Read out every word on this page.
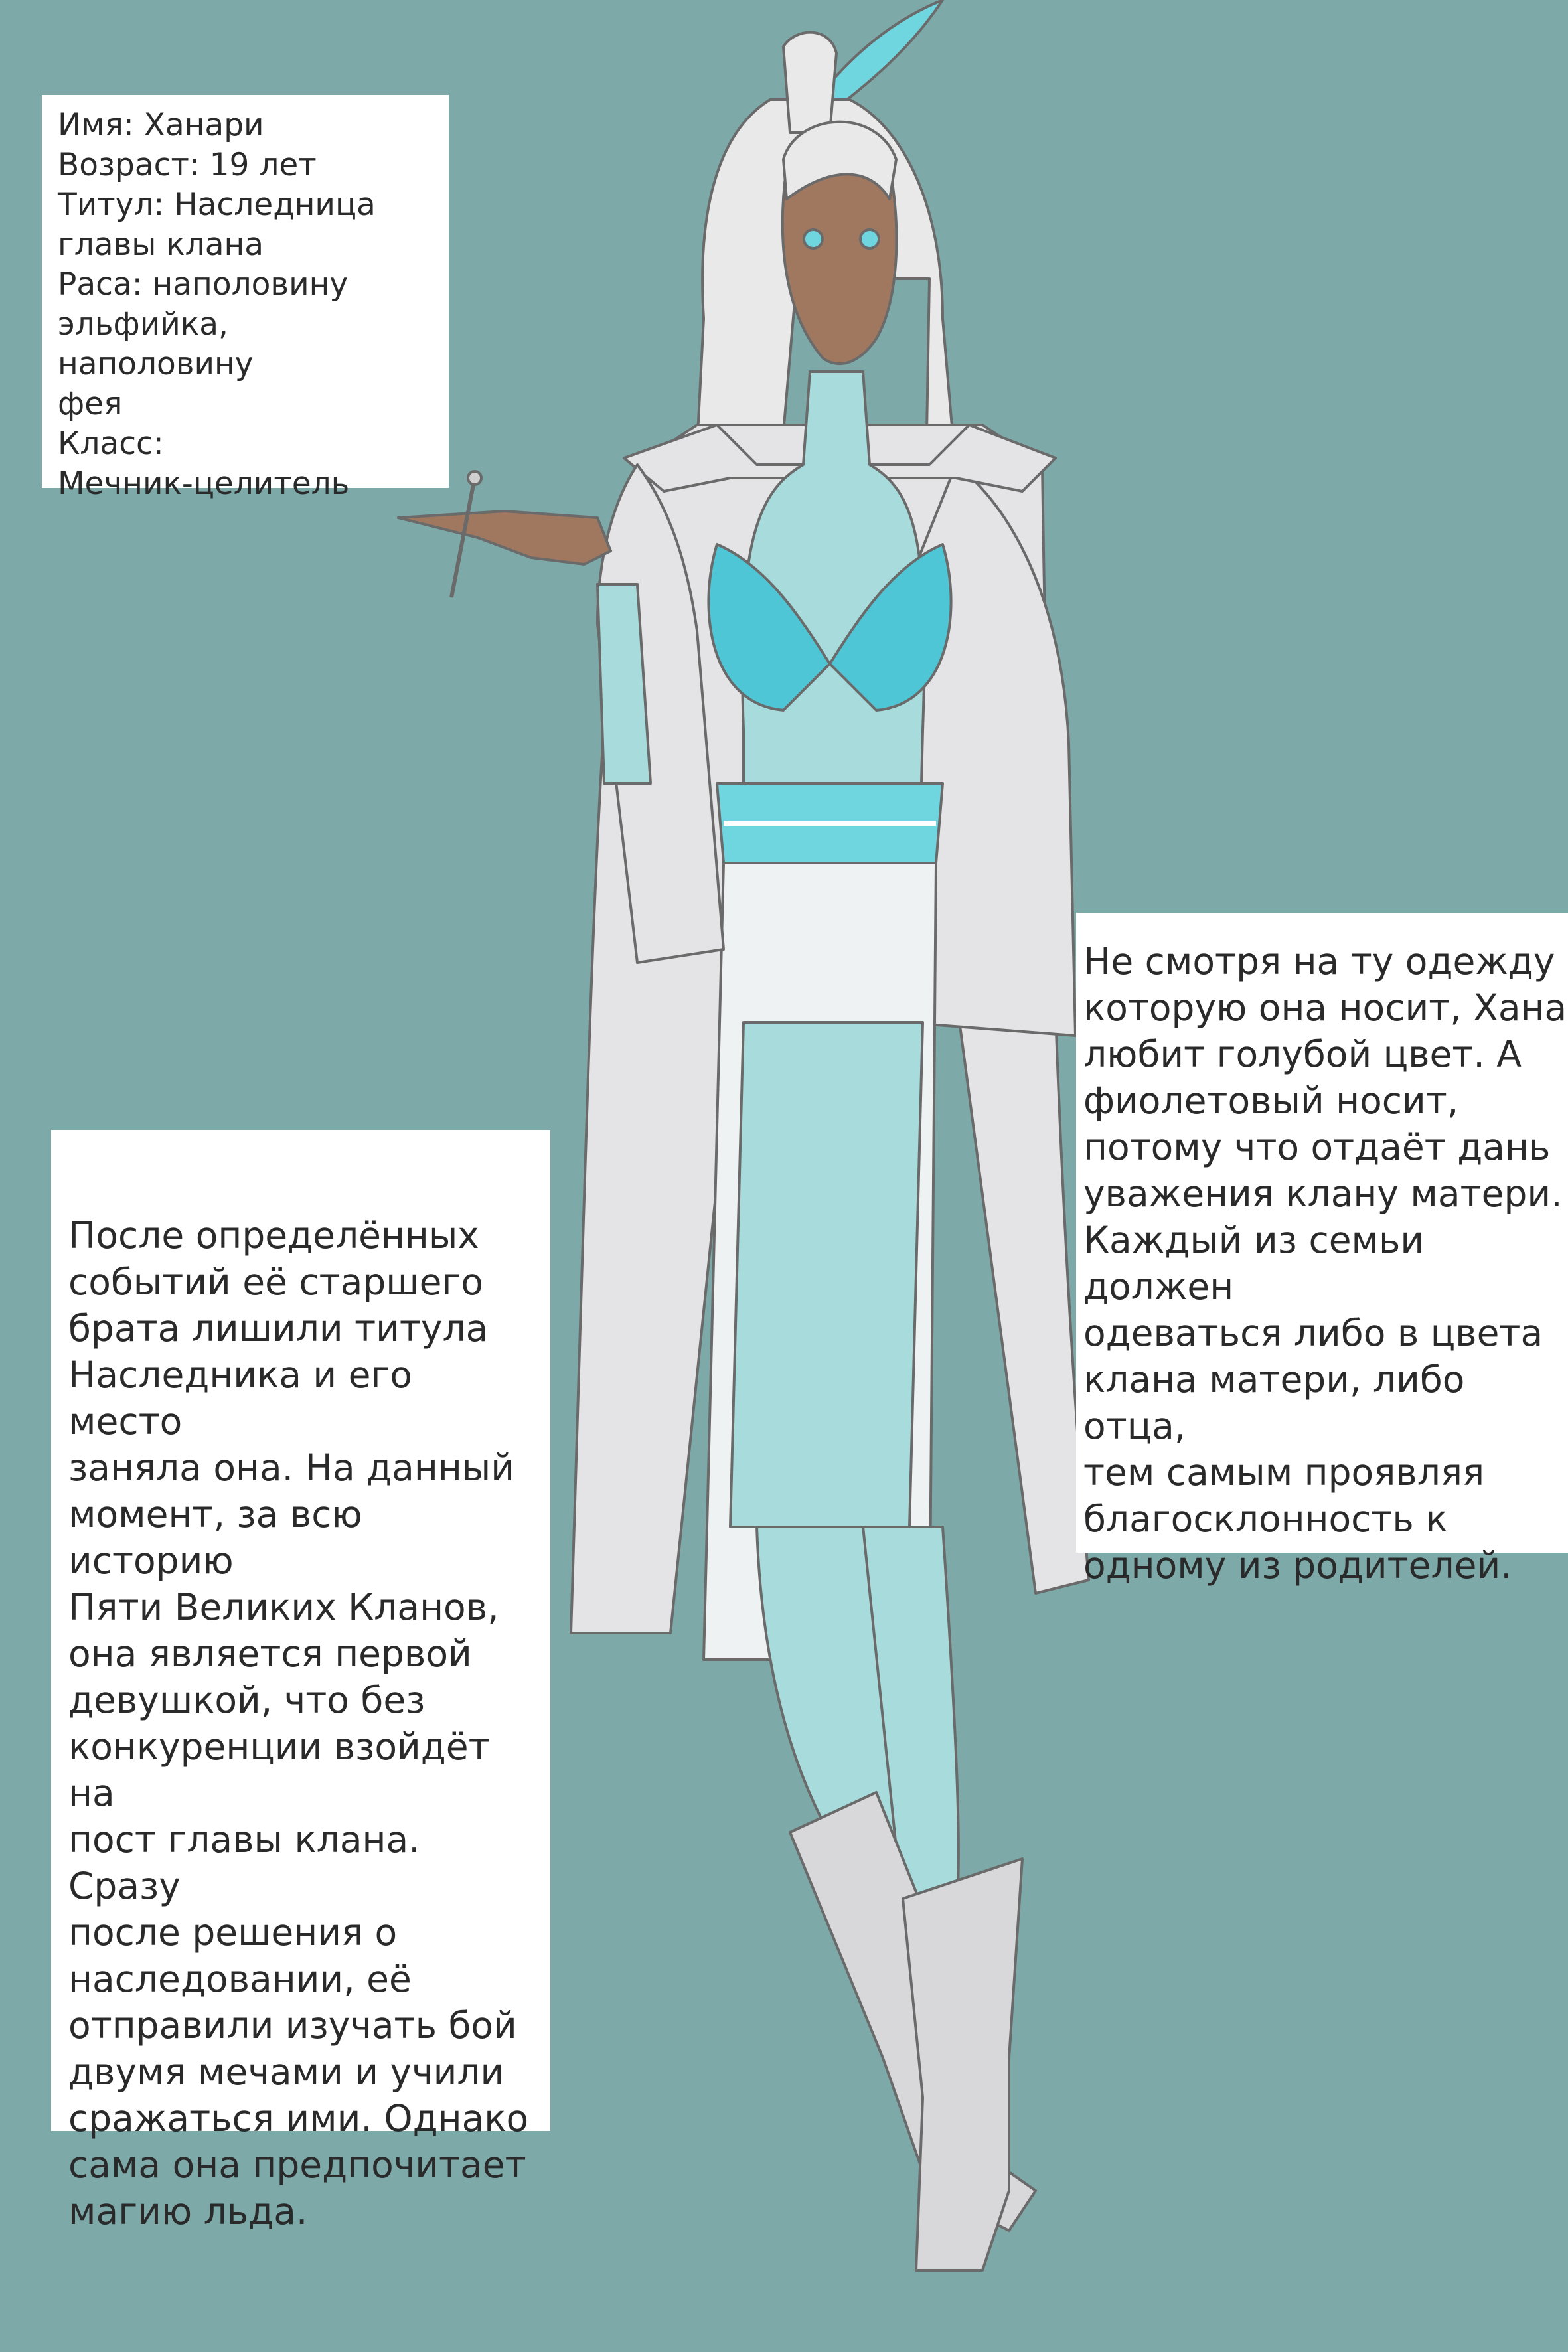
Имя: Ханари

Возраст: 19 лет

Титул: Наследница
главы клана

Раса: наполовину
эльфийка, наполовину
фея

Класс:
Мечник-целитель

После определённых
событий её старшего
брата лишили титула
Наследника и его место
заняла она. На данный
момент, за всю историю
Пяти Великих Кланов,
она является первой
девушкой, что без
конкуренции взойдёт на
пост главы клана. Сразу
после решения о
наследовании, её
отправили изучать бой
двумя мечами и учили
сражаться ими. Однако
сама она предпочитает
магию льда.

Не смотря на ту одежду
которую она носит, Хана
любит голубой цвет. А
фиолетовый носит,
потому что отдаёт дань
уважения клану матери.
Каждый из семьи должен
одеваться либо в цвета
клана матери, либо отца,
тем самым проявляя
благосклонность к
одному из родителей.
